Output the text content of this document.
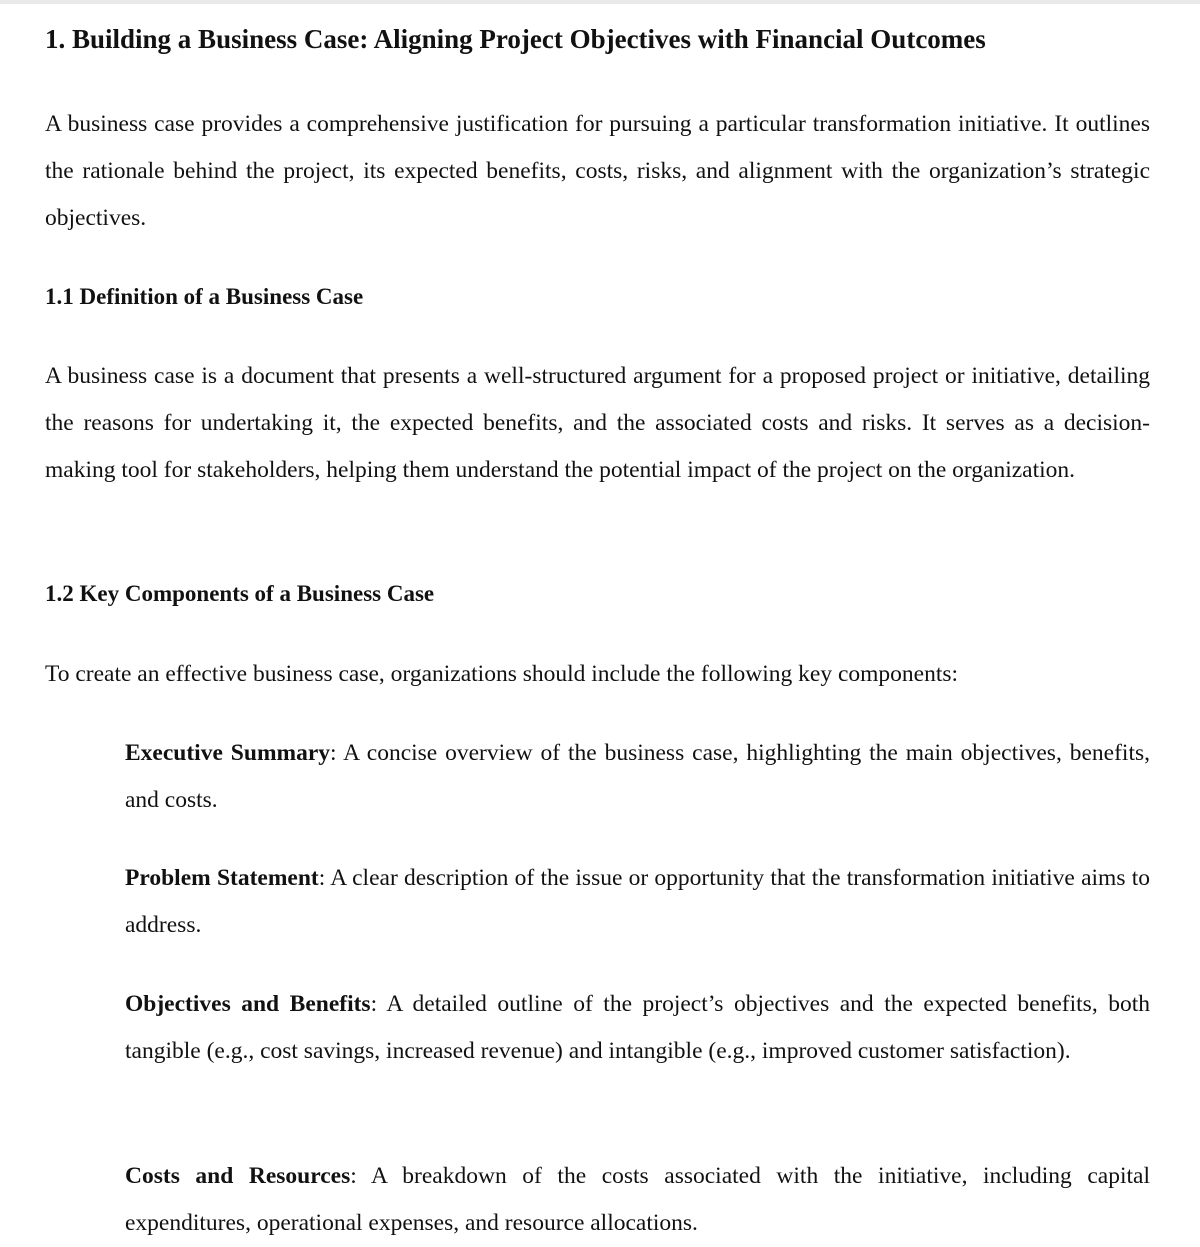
1. Building a Business Case: Aligning Project Objectives with Financial Outcomes

A business case provides a comprehensive justification for pursuing a particular transformation initiative. It outlines the rationale behind the project, its expected benefits, costs, risks, and alignment with the organization’s strategic objectives.

1.1 Definition of a Business Case

A business case is a document that presents a well-structured argument for a proposed project or initiative, detailing the reasons for undertaking it, the expected benefits, and the associated costs and risks. It serves as a decision-making tool for stakeholders, helping them understand the potential impact of the project on the organization.

1.2 Key Components of a Business Case

To create an effective business case, organizations should include the following key components:

Executive Summary: A concise overview of the business case, highlighting the main objectives, benefits, and costs.

Problem Statement: A clear description of the issue or opportunity that the transformation initiative aims to address.

Objectives and Benefits: A detailed outline of the project’s objectives and the expected benefits, both tangible (e.g., cost savings, increased revenue) and intangible (e.g., improved customer satisfaction).

Costs and Resources: A breakdown of the costs associated with the initiative, including capital expenditures, operational expenses, and resource allocations.
